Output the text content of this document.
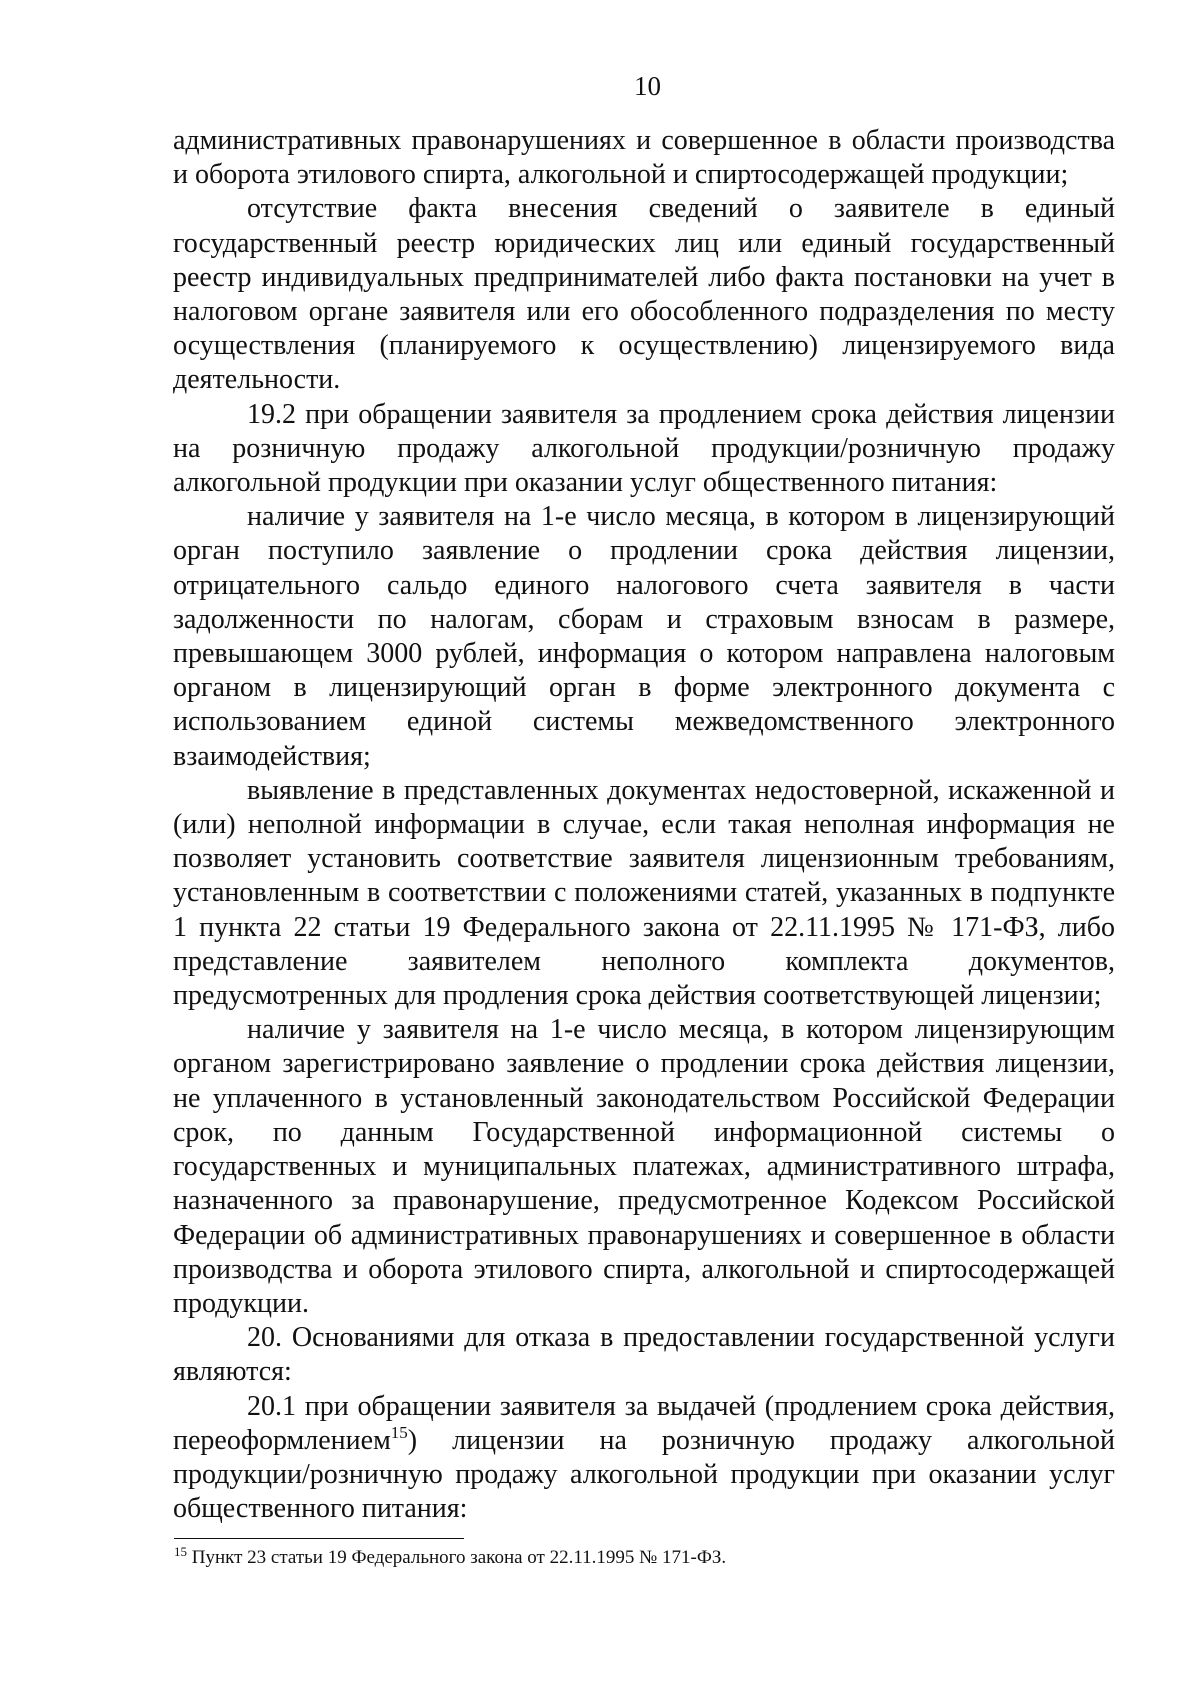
10

административных правонарушениях и совершенное в области производства и оборота этилового спирта, алкогольной и спиртосодержащей продукции;

отсутствие факта внесения сведений о заявителе в единый государственный реестр юридических лиц или единый государственный реестр индивидуальных предпринимателей либо факта постановки на учет в налоговом органе заявителя или его обособленного подразделения по месту осуществления (планируемого к осуществлению) лицензируемого вида деятельности.

19.2 при обращении заявителя за продлением срока действия лицензии на розничную продажу алкогольной продукции/розничную продажу алкогольной продукции при оказании услуг общественного питания:

наличие у заявителя на 1-е число месяца, в котором в лицензирующий орган поступило заявление о продлении срока действия лицензии, отрицательного сальдо единого налогового счета заявителя в части задолженности по налогам, сборам и страховым взносам в размере, превышающем 3000 рублей, информация о котором направлена налоговым органом в лицензирующий орган в форме электронного документа с использованием единой системы межведомственного электронного взаимодействия;

выявление в представленных документах недостоверной, искаженной и (или) неполной информации в случае, если такая неполная информация не позволяет установить соответствие заявителя лицензионным требованиям, установленным в соответствии с положениями статей, указанных в подпункте 1 пункта 22 статьи 19 Федерального закона от 22.11.1995 № 171-ФЗ, либо представление заявителем неполного комплекта документов, предусмотренных для продления срока действия соответствующей лицензии;

наличие у заявителя на 1-е число месяца, в котором лицензирующим органом зарегистрировано заявление о продлении срока действия лицензии, не уплаченного в установленный законодательством Российской Федерации срок, по данным Государственной информационной системы о государственных и муниципальных платежах, административного штрафа, назначенного за правонарушение, предусмотренное Кодексом Российской Федерации об административных правонарушениях и совершенное в области производства и оборота этилового спирта, алкогольной и спиртосодержащей продукции.

20. Основаниями для отказа в предоставлении государственной услуги являются:

20.1 при обращении заявителя за выдачей (продлением срока действия, переоформлением$^{15}$) лицензии на розничную продажу алкогольной продукции/розничную продажу алкогольной продукции при оказании услуг общественного питания:

$^{15}$ Пункт 23 статьи 19 Федерального закона от 22.11.1995 № 171-ФЗ.
